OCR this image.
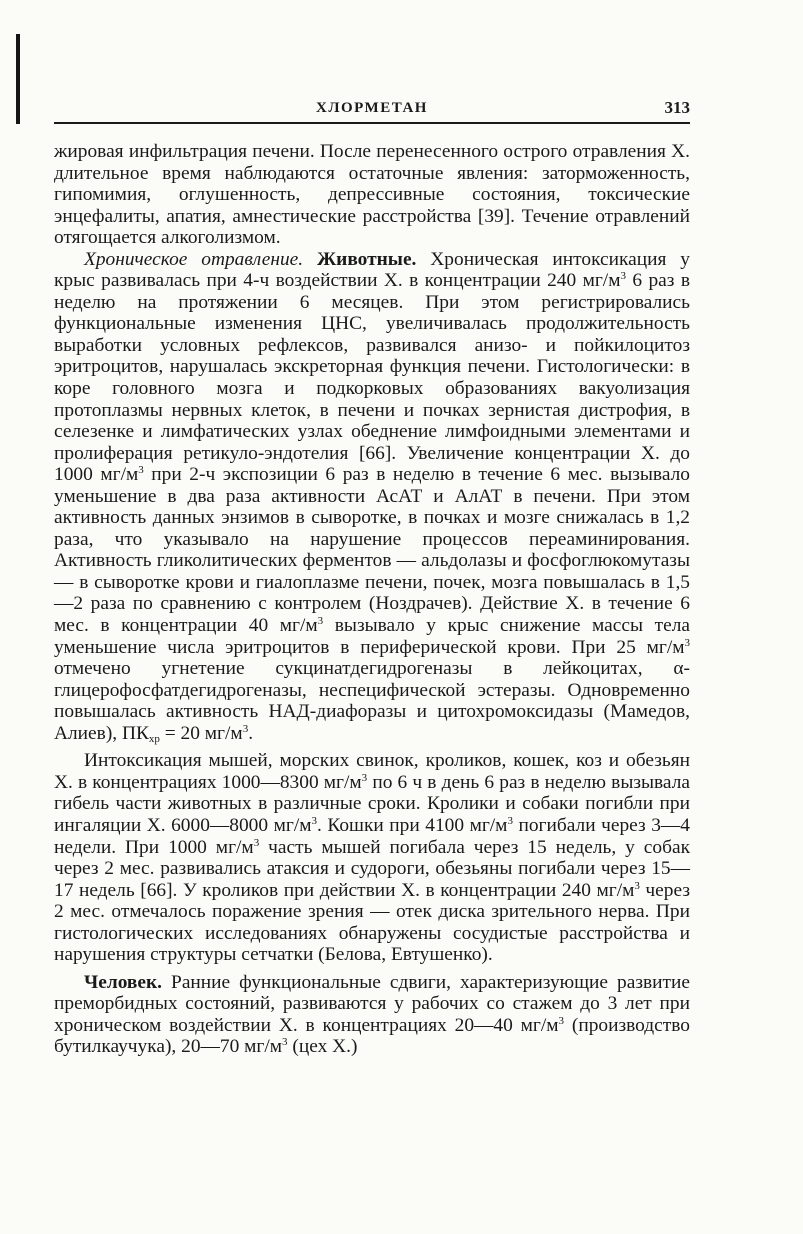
ХЛОРМЕТАН	313

жировая инфильтрация печени. После перенесенного острого отравления Х. длительное время наблюдаются остаточные явления: заторможенность, гипомимия, оглушенность, депрессивные состояния, токсические энцефалиты, апатия, амнестические расстройства [39]. Течение отравлений отягощается алкоголизмом.

Хроническое отравление. Животные. Хроническая интоксикация у крыс развивалась при 4-ч воздействии Х. в концентрации 240 $мг/м^3$ 6 раз в неделю на протяжении 6 месяцев. При этом регистрировались функциональные изменения ЦНС, увеличивалась продолжительность выработки условных рефлексов, развивался анизо- и пойкилоцитоз эритроцитов, нарушалась экскреторная функция печени. Гистологически: в коре головного мозга и подкорковых образованиях вакуолизация протоплазмы нервных клеток, в печени и почках зернистая дистрофия, в селезенке и лимфатических узлах обеднение лимфоидными элементами и пролиферация ретикуло-эндотелия [66]. Увеличение концентрации Х. до 1000 $мг/м^3$ при 2-ч экспозиции 6 раз в неделю в течение 6 мес. вызывало уменьшение в два раза активности АсАТ и АлАТ в печени. При этом активность данных энзимов в сыворотке, в почках и мозге снижалась в 1,2 раза, что указывало на нарушение процессов переаминирования. Активность гликолитических ферментов — альдолазы и фосфоглюкомутазы — в сыворотке крови и гиалоплазме печени, почек, мозга повышалась в 1,5—2 раза по сравнению с контролем (Ноздрачев). Действие Х. в течение 6 мес. в концентрации 40 $мг/м^3$ вызывало у крыс снижение массы тела уменьшение числа эритроцитов в периферической крови. При 25 $мг/м^3$ отмечено угнетение сукцинатдегидрогеназы в лейкоцитах, α-глицерофосфатдегидрогеназы, неспецифической эстеразы. Одновременно повышалась активность НАД-диафоразы и цитохромоксидазы (Мамедов, Алиев), $ПК_{хр} = 20$ $мг/м^3$.

Интоксикация мышей, морских свинок, кроликов, кошек, коз и обезьян Х. в концентрациях 1000—8300 $мг/м^3$ по 6 ч в день 6 раз в неделю вызывала гибель части животных в различные сроки. Кролики и собаки погибли при ингаляции Х. 6000—8000 $мг/м^3$. Кошки при 4100 $мг/м^3$ погибали через 3—4 недели. При 1000 $мг/м^3$ часть мышей погибала через 15 недель, у собак через 2 мес. развивались атаксия и судороги, обезьяны погибали через 15—17 недель [66]. У кроликов при действии Х. в концентрации 240 $мг/м^3$ через 2 мес. отмечалось поражение зрения — отек диска зрительного нерва. При гистологических исследованиях обнаружены сосудистые расстройства и нарушения структуры сетчатки (Белова, Евтушенко).

Человек. Ранние функциональные сдвиги, характеризующие развитие преморбидных состояний, развиваются у рабочих со стажем до 3 лет при хроническом воздействии Х. в концентрациях 20—40 $мг/м^3$ (производство бутилкаучука), 20—70 $мг/м^3$ (цех Х.)
